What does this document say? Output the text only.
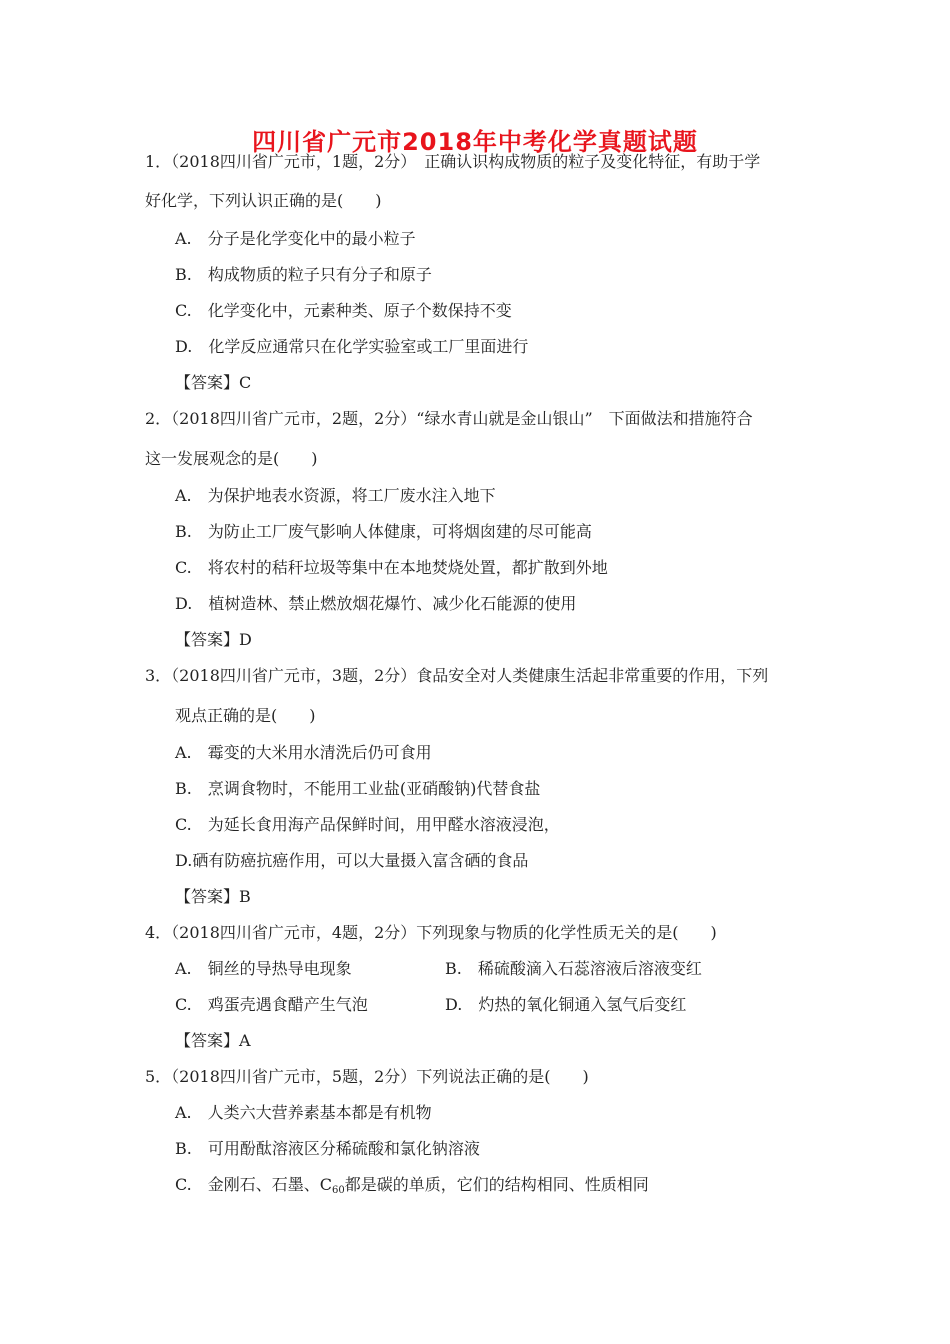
四川省广元市2018年中考化学真题试题
1．（2018四川省广元市，1题，2分）　正确认识构成物质的粒子及变化特征，有助于学
好化学，下列认识正确的是(　　)
A.　分子是化学变化中的最小粒子
B.　构成物质的粒子只有分子和原子
C.　化学变化中，元素种类、原子个数保持不变
D.　化学反应通常只在化学实验室或工厂里面进行
【答案】C
2．（2018四川省广元市，2题，2分）“绿水青山就是金山银山”　下面做法和措施符合
这一发展观念的是(　　)
A.　为保护地表水资源，将工厂废水注入地下
B.　为防止工厂废气影响人体健康，可将烟囱建的尽可能高
C.　将农村的秸秆垃圾等集中在本地焚烧处置，都扩散到外地
D.　植树造林、禁止燃放烟花爆竹、减少化石能源的使用
【答案】D
3．（2018四川省广元市，3题，2分）食品安全对人类健康生活起非常重要的作用，下列
观点正确的是(　　)
A.　霉变的大米用水清洗后仍可食用
B.　烹调食物时，不能用工业盐(亚硝酸钠)代替食盐
C.　为延长食用海产品保鲜时间，用甲醛水溶液浸泡，
D.硒有防癌抗癌作用，可以大量摄入富含硒的食品
【答案】B
4．（2018四川省广元市，4题，2分）下列现象与物质的化学性质无关的是(　　)
A.　铜丝的导热导电现象	B.　稀硫酸滴入石蕊溶液后溶液变红
C.　鸡蛋壳遇食醋产生气泡	D.　灼热的氧化铜通入氢气后变红
【答案】A
5．（2018四川省广元市，5题，2分）下列说法正确的是(　　)
A.　人类六大营养素基本都是有机物
B.　可用酚酞溶液区分稀硫酸和氯化钠溶液
C.　金刚石、石墨、$C_{60}$都是碳的单质，它们的结构相同、性质相同
